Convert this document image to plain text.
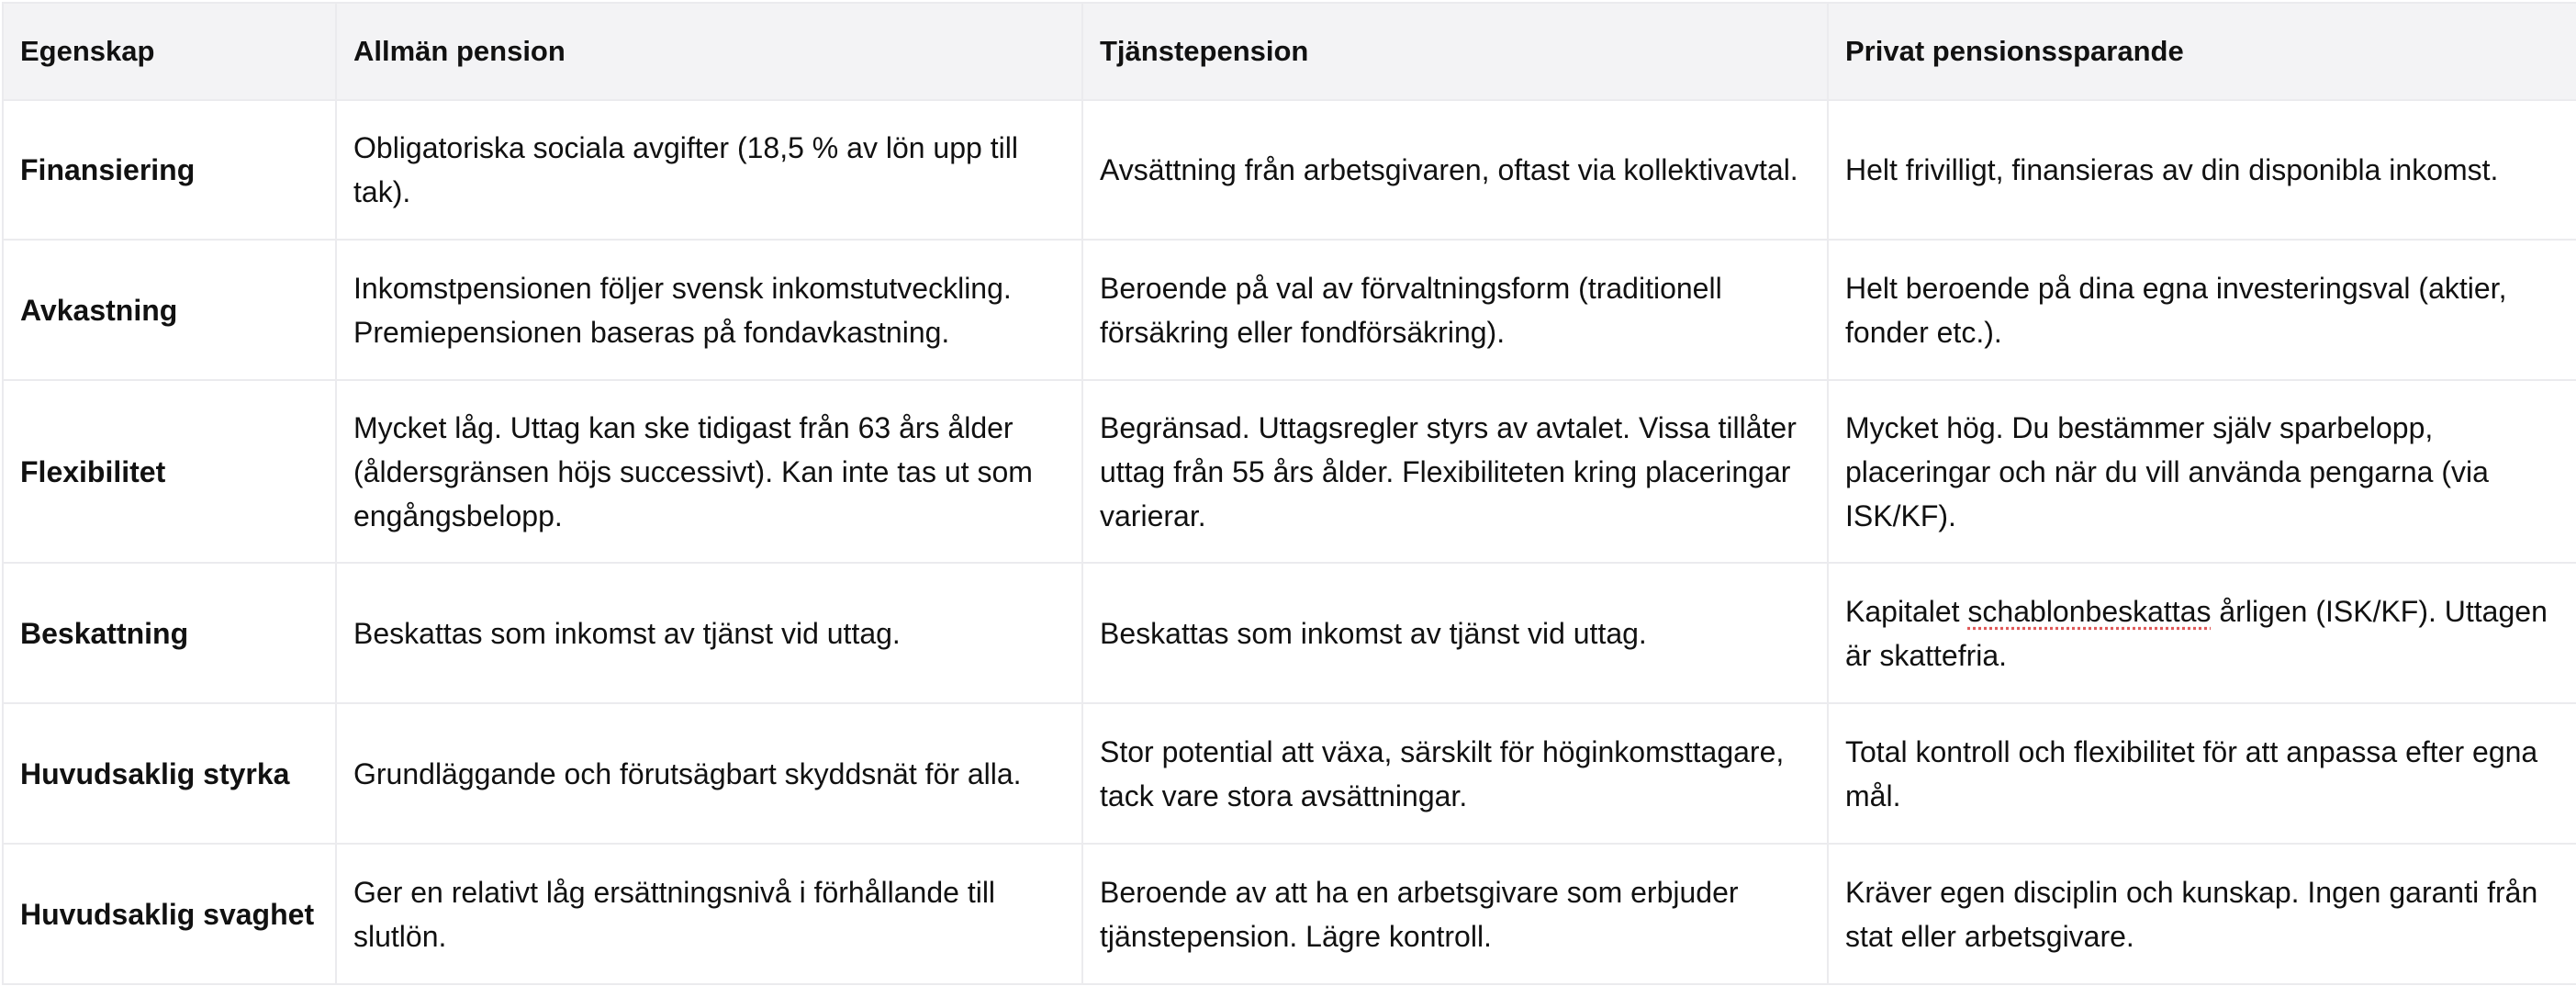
Egenskap	Allmän pension	Tjänstepension	Privat pensionssparande
Finansiering	Obligatoriska sociala avgifter (18,5 % av lön upp till tak).	Avsättning från arbetsgivaren, oftast via kollektivavtal.	Helt frivilligt, finansieras av din disponibla inkomst.
Avkastning	Inkomstpensionen följer svensk inkomstutveckling. Premiepensionen baseras på fondavkastning.	Beroende på val av förvaltningsform (traditionell försäkring eller fondförsäkring).	Helt beroende på dina egna investeringsval (aktier, fonder etc.).
Flexibilitet	Mycket låg. Uttag kan ske tidigast från 63 års ålder (åldersgränsen höjs successivt). Kan inte tas ut som engångsbelopp.	Begränsad. Uttagsregler styrs av avtalet. Vissa tillåter uttag från 55 års ålder. Flexibiliteten kring placeringar varierar.	Mycket hög. Du bestämmer själv sparbelopp, placeringar och när du vill använda pengarna (via ISK/KF).
Beskattning	Beskattas som inkomst av tjänst vid uttag.	Beskattas som inkomst av tjänst vid uttag.	Kapitalet schablonbeskattas årligen (ISK/KF). Uttagen är skattefria.
Huvudsaklig styrka	Grundläggande och förutsägbart skyddsnät för alla.	Stor potential att växa, särskilt för höginkomsttagare, tack vare stora avsättningar.	Total kontroll och flexibilitet för att anpassa efter egna mål.
Huvudsaklig svaghet	Ger en relativt låg ersättningsnivå i förhållande till slutlön.	Beroende av att ha en arbetsgivare som erbjuder tjänstepension. Lägre kontroll.	Kräver egen disciplin och kunskap. Ingen garanti från stat eller arbetsgivare.
